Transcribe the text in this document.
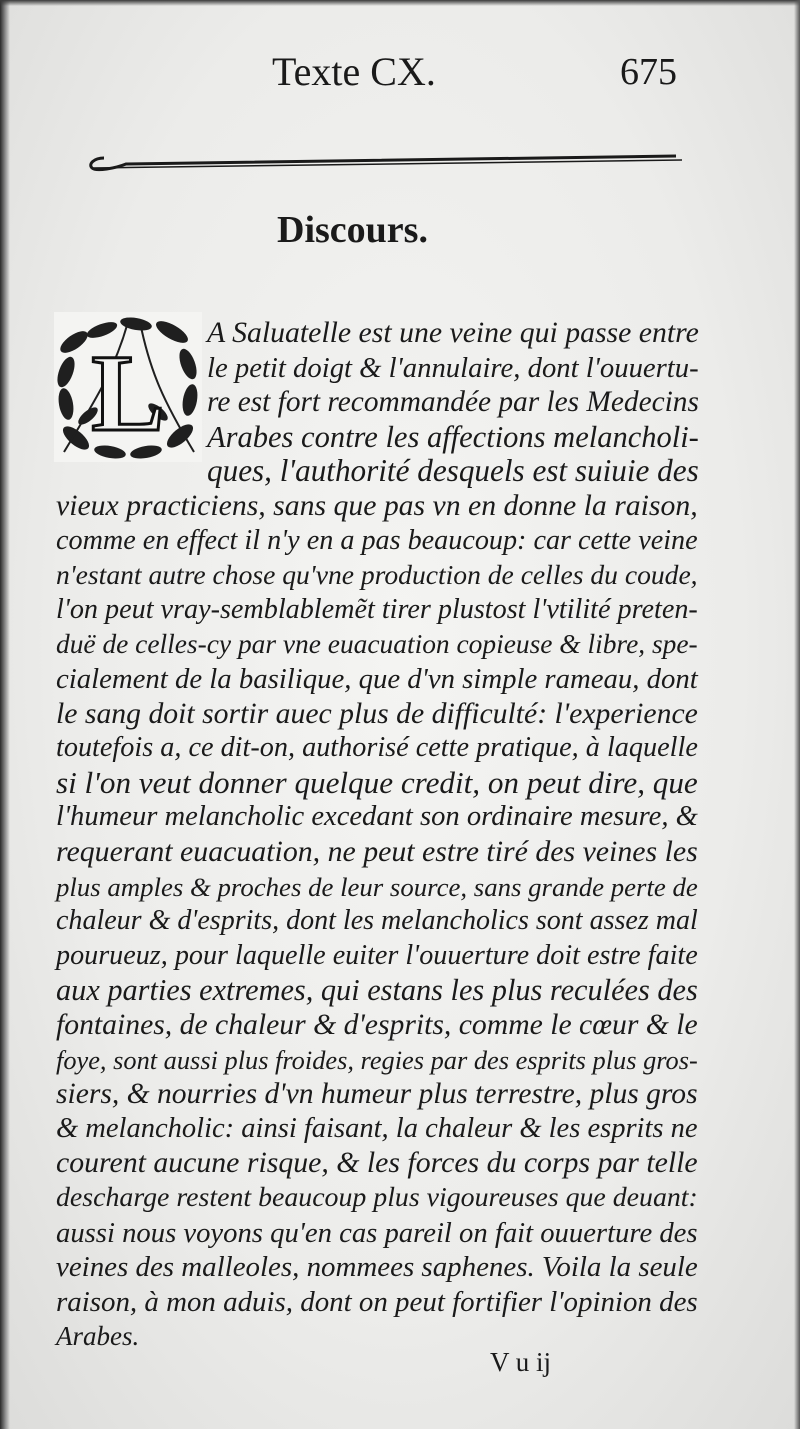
Texte CX.	675
Discours.
L A Saluatelle est une veine qui passe entre
le petit doigt & l'annulaire, dont l'ouuertu-
re est fort recommandée par les Medecins
Arabes contre les affections melancholi-
ques, l'authorité desquels est suiuie des
vieux practiciens, sans que pas vn en donne la raison,
comme en effect il n'y en a pas beaucoup: car cette veine
n'estant autre chose qu'vne production de celles du coude,
l'on peut vray-semblablemẽt tirer plustost l'vtilité preten-
duë de celles-cy par vne euacuation copieuse & libre, spe-
cialement de la basilique, que d'vn simple rameau, dont
le sang doit sortir auec plus de difficulté: l'experience
toutefois a, ce dit-on, authorisé cette pratique, à laquelle
si l'on veut donner quelque credit, on peut dire, que
l'humeur melancholic excedant son ordinaire mesure, &
requerant euacuation, ne peut estre tiré des veines les
plus amples & proches de leur source, sans grande perte de
chaleur & d'esprits, dont les melancholics sont assez mal
pourueuz, pour laquelle euiter l'ouuerture doit estre faite
aux parties extremes, qui estans les plus reculées des
fontaines, de chaleur & d'esprits, comme le cœur & le
foye, sont aussi plus froides, regies par des esprits plus gros-
siers, & nourries d'vn humeur plus terrestre, plus gros
& melancholic: ainsi faisant, la chaleur & les esprits ne
courent aucune risque, & les forces du corps par telle
descharge restent beaucoup plus vigoureuses que deuant:
aussi nous voyons qu'en cas pareil on fait ouuerture des
veines des malleoles, nommees saphenes. Voila la seule
raison, à mon aduis, dont on peut fortifier l'opinion des
Arabes.
V u ij
